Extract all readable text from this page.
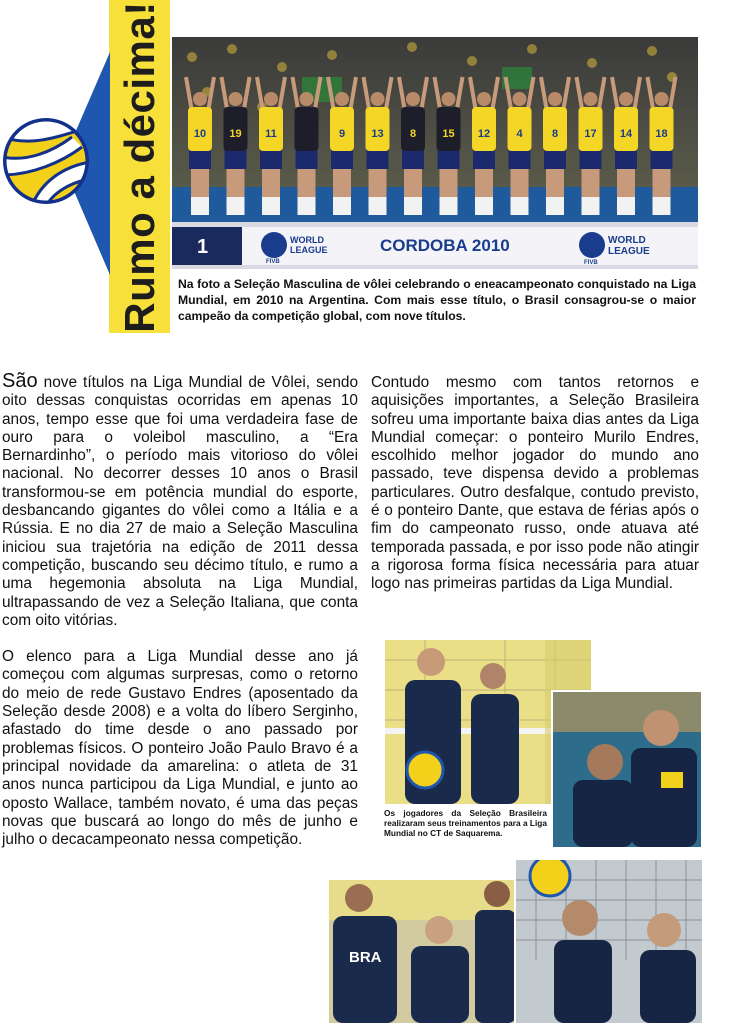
Rumo a décima! 1	WORLD
LEAGUE
FIVB
CORDOBA 2010	WORLD
LEAGUE
FIVB
10 19 11	9 13 8 15 12 4	8 17 14 18
Na foto a Seleção Masculina de vôlei celebrando o eneacampeonato conquistado na Liga Mundial, em 2010 na Argentina. Com mais esse título, o Brasil consagrou-se o maior campeão da competição global, com nove títulos.

São nove títulos na Liga Mundial de Vôlei, sendo oito dessas conquistas ocorridas em apenas 10 anos, tempo esse que foi uma verdadeira fase de ouro para o voleibol masculino, a “Era Bernardinho”, o período mais vitorioso do vôlei nacional. No decorrer desses 10 anos o Brasil transformou-se em potência mundial do esporte, desbancando gigantes do vôlei como a Itália e a Rússia. E no dia 27 de maio a Seleção Masculina iniciou sua trajetória na edição de 2011 dessa competição, buscando seu décimo título, e rumo a uma hegemonia absoluta na Liga Mundial, ultrapassando de vez a Seleção Italiana, que conta com oito vitórias.

O elenco para a Liga Mundial desse ano já começou com algumas surpresas, como o retorno do meio de rede Gustavo Endres (aposentado da Seleção desde 2008) e a volta do líbero Serginho, afastado do time desde o ano passado por problemas físicos. O ponteiro João Paulo Bravo é a principal novidade da amarelina: o atleta de 31 anos nunca participou da Liga Mundial, e junto ao oposto Wallace, também novato, é uma das peças novas que buscará ao longo do mês de junho e julho o decacampeonato nessa competição.

Contudo mesmo com tantos retornos e aquisições importantes, a Seleção Brasileira sofreu uma importante baixa dias antes da Liga Mundial começar: o ponteiro Murilo Endres, escolhido melhor jogador do mundo ano passado, teve dispensa devido a problemas particulares. Outro desfalque, contudo previsto, é o ponteiro Dante, que estava de férias após o fim do campeonato russo, onde atuava até temporada passada, e por isso pode não atingir a rigorosa forma física necessária para atuar logo nas primeiras partidas da Liga Mundial.

Os jogadores da Seleção Brasileira realizaram seus treinamentos para a Liga Mundial no CT de Saquarema.
BRA
